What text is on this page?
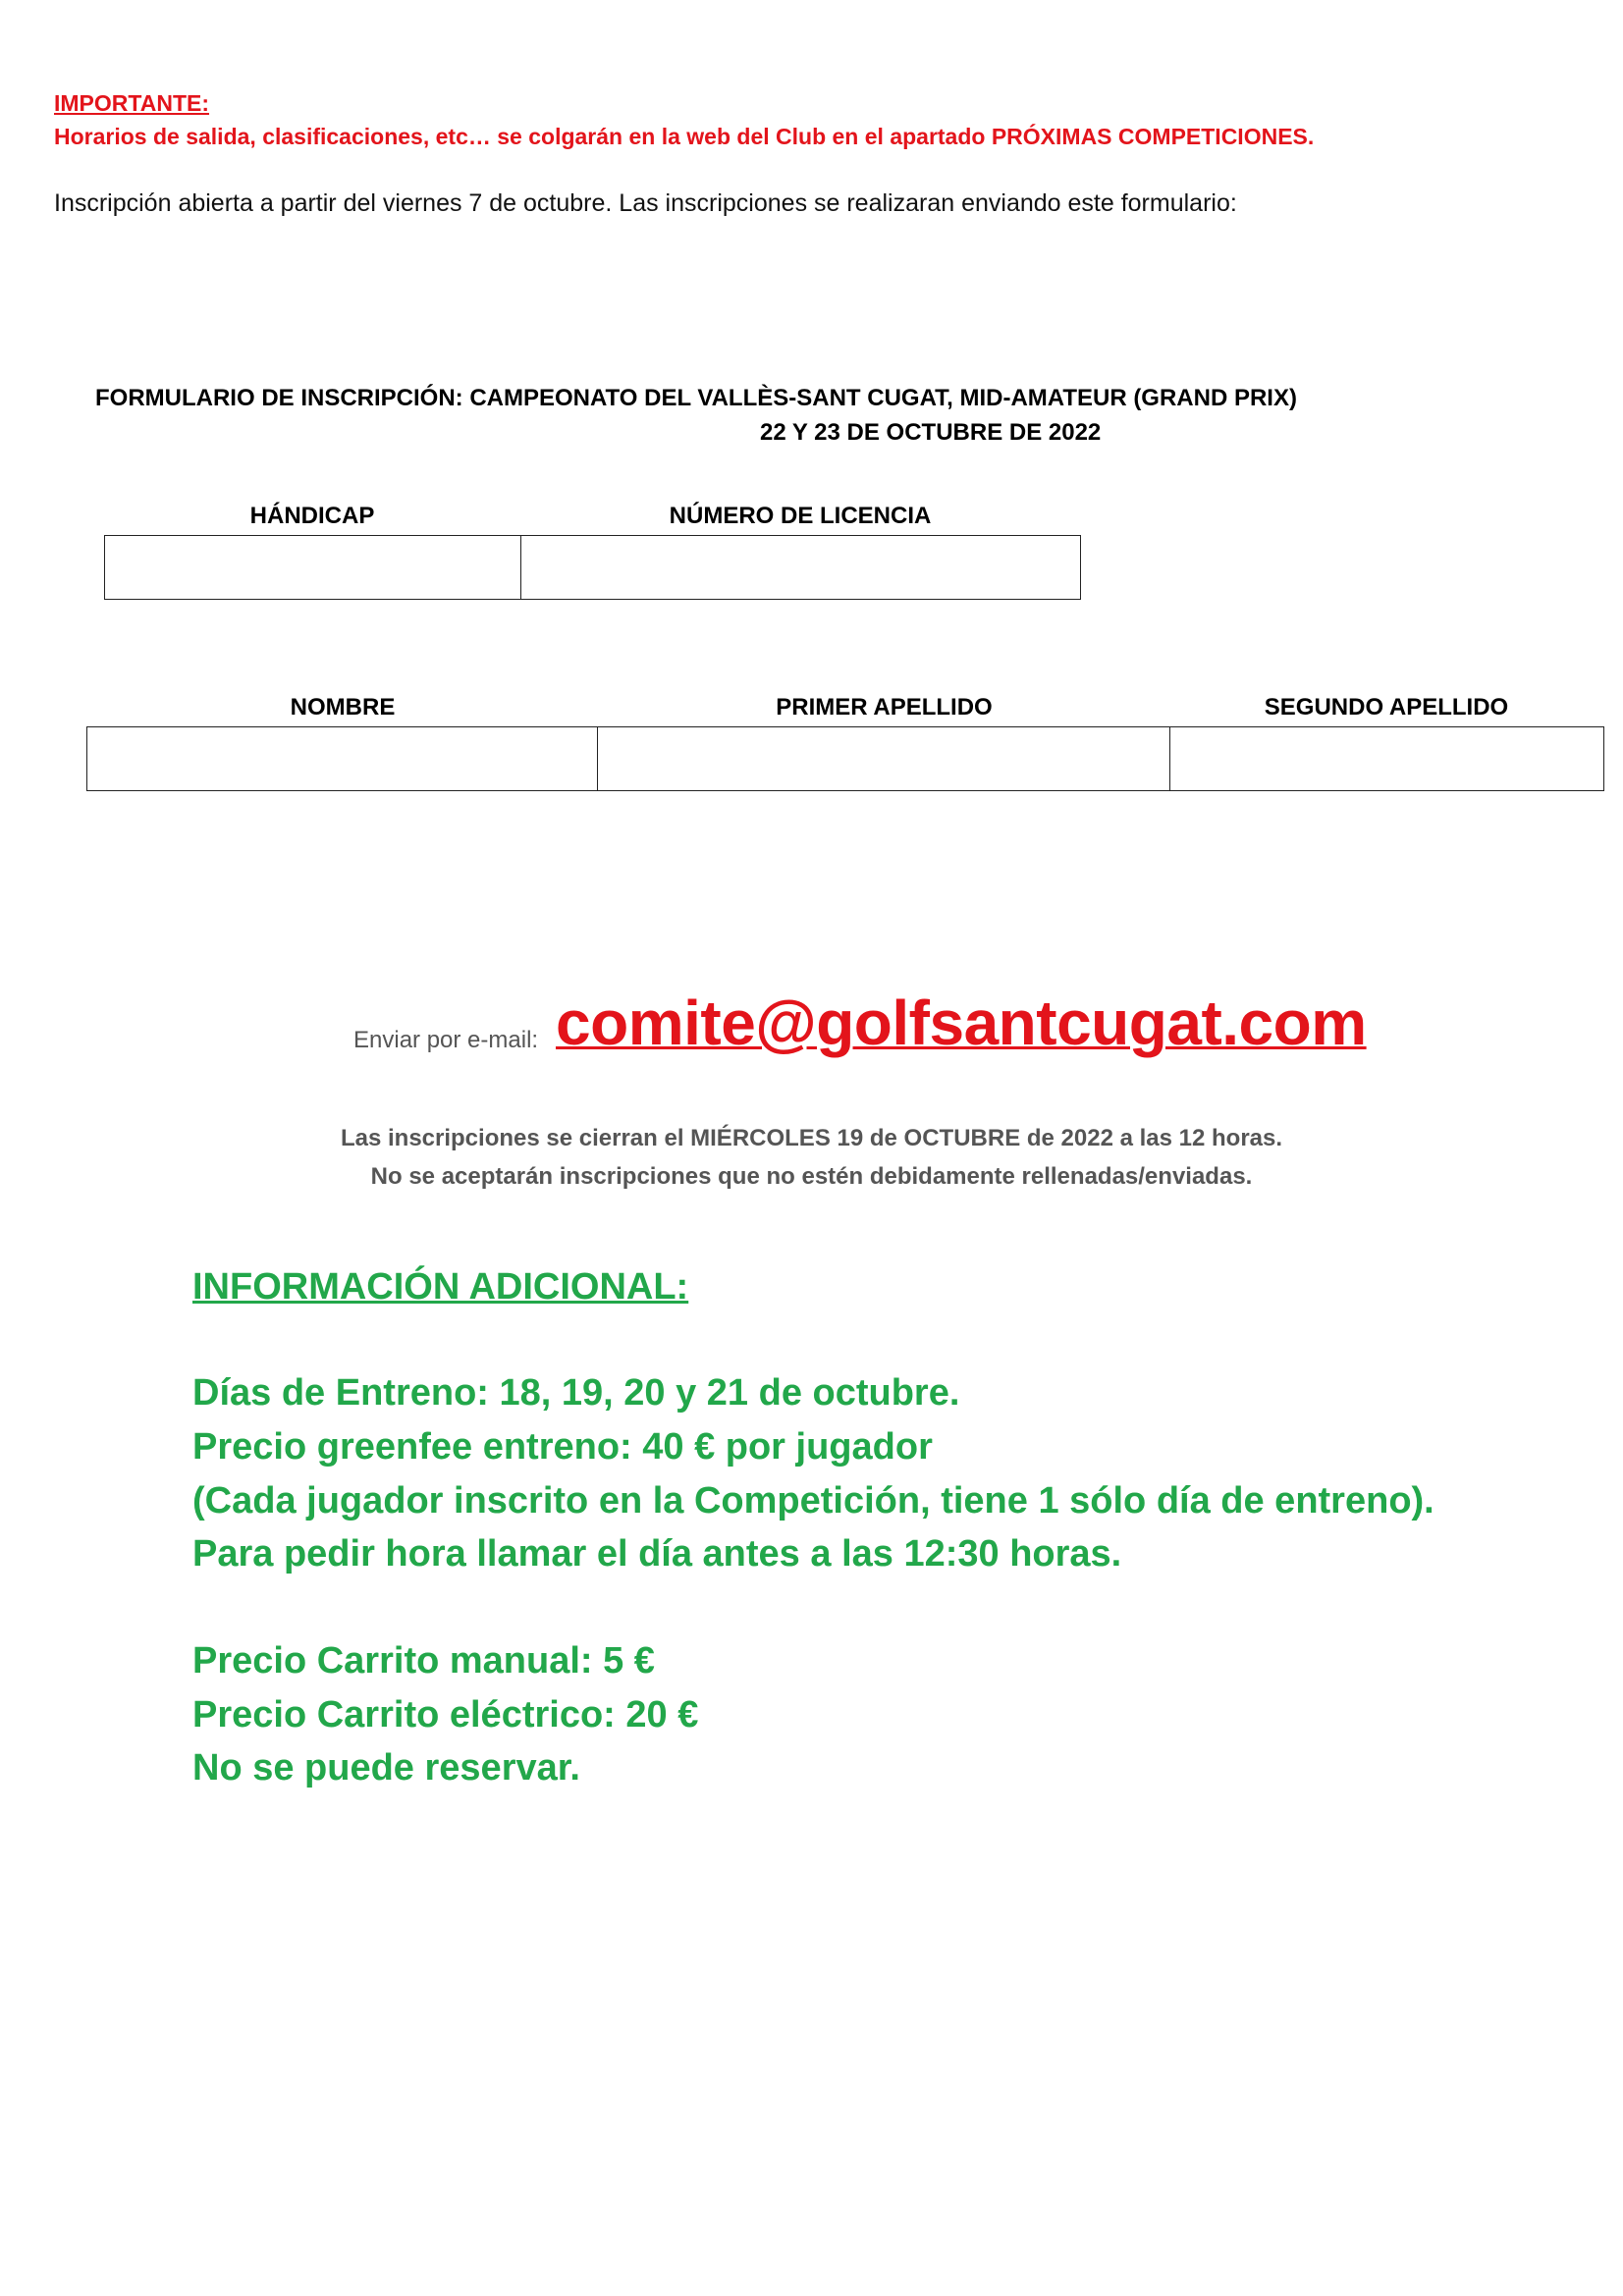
IMPORTANTE:
Horarios de salida, clasificaciones, etc… se colgarán en la web del Club en el apartado PRÓXIMAS COMPETICIONES.
Inscripción abierta a partir del viernes 7 de octubre. Las inscripciones se realizaran enviando este formulario:
FORMULARIO DE INSCRIPCIÓN: CAMPEONATO DEL VALLÈS-SANT CUGAT, MID-AMATEUR (GRAND PRIX)
22 Y 23 DE OCTUBRE DE 2022
HÁNDICAP	NÚMERO DE LICENCIA
NOMBRE	PRIMER APELLIDO	SEGUNDO APELLIDO
Enviar por e-mail: comite@golfsantcugat.com
Las inscripciones se cierran el MIÉRCOLES 19 de OCTUBRE de 2022 a las 12 horas.
No se aceptarán inscripciones que no estén debidamente rellenadas/enviadas.
INFORMACIÓN ADICIONAL:
Días de Entreno: 18, 19, 20 y 21 de octubre.
Precio greenfee entreno: 40 € por jugador
(Cada jugador inscrito en la Competición, tiene 1 sólo día de entreno).
Para pedir hora llamar el día antes a las 12:30 horas.
Precio Carrito manual: 5 €
Precio Carrito eléctrico: 20 €
No se puede reservar.
